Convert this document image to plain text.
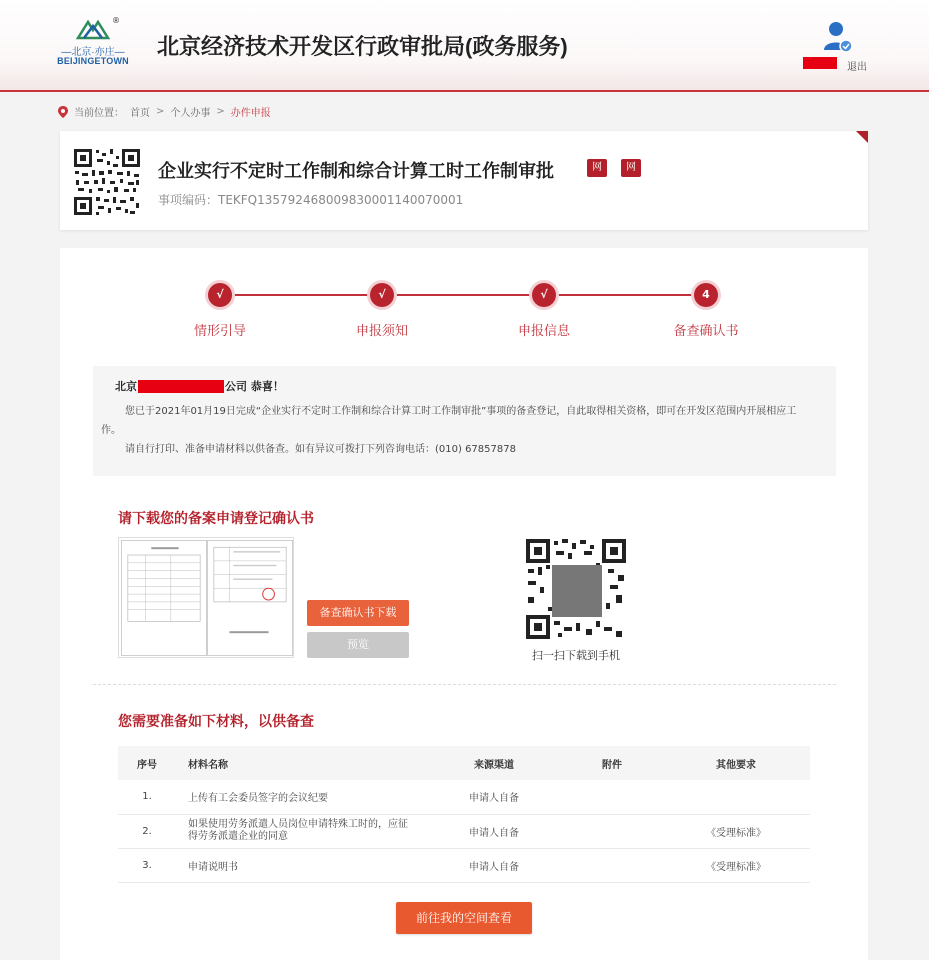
®
—北京·亦庄—
BEIJINGETOWN
北京经济技术开发区行政审批局(政务服务)
退出
当前位置： 首页 > 个人办事 > 办件申报
企业实行不定时工作制和综合计算工时工作制审批	网	网
事项编码：TEKFQ135792468009830001140070001
√	√	√	4
情形引导	申报须知	申报信息	备查确认书
北京	公司 恭喜！

您已于2021年01月19日完成“企业实行不定时工作制和综合计算工时工作制审批”事项的备查登记，自此取得相关资格，即可在开发区范围内开展相应工作。

请自行打印、准备申请材料以供备查。如有异议可拨打下列咨询电话：(010) 67857878

请下载您的备案申请登记确认书
备查确认书下载
预览
扫一扫下载到手机
您需要准备如下材料，以供备查
序号	材料名称	来源渠道	附件	其他要求
1.	上传有工会委员签字的会议纪要	申请人自备		
2.	如果使用劳务派遣人员岗位申请特殊工时的，应征得劳务派遣企业的同意	申请人自备		《受理标准》
3.	申请说明书	申请人自备		《受理标准》
前往我的空间查看
